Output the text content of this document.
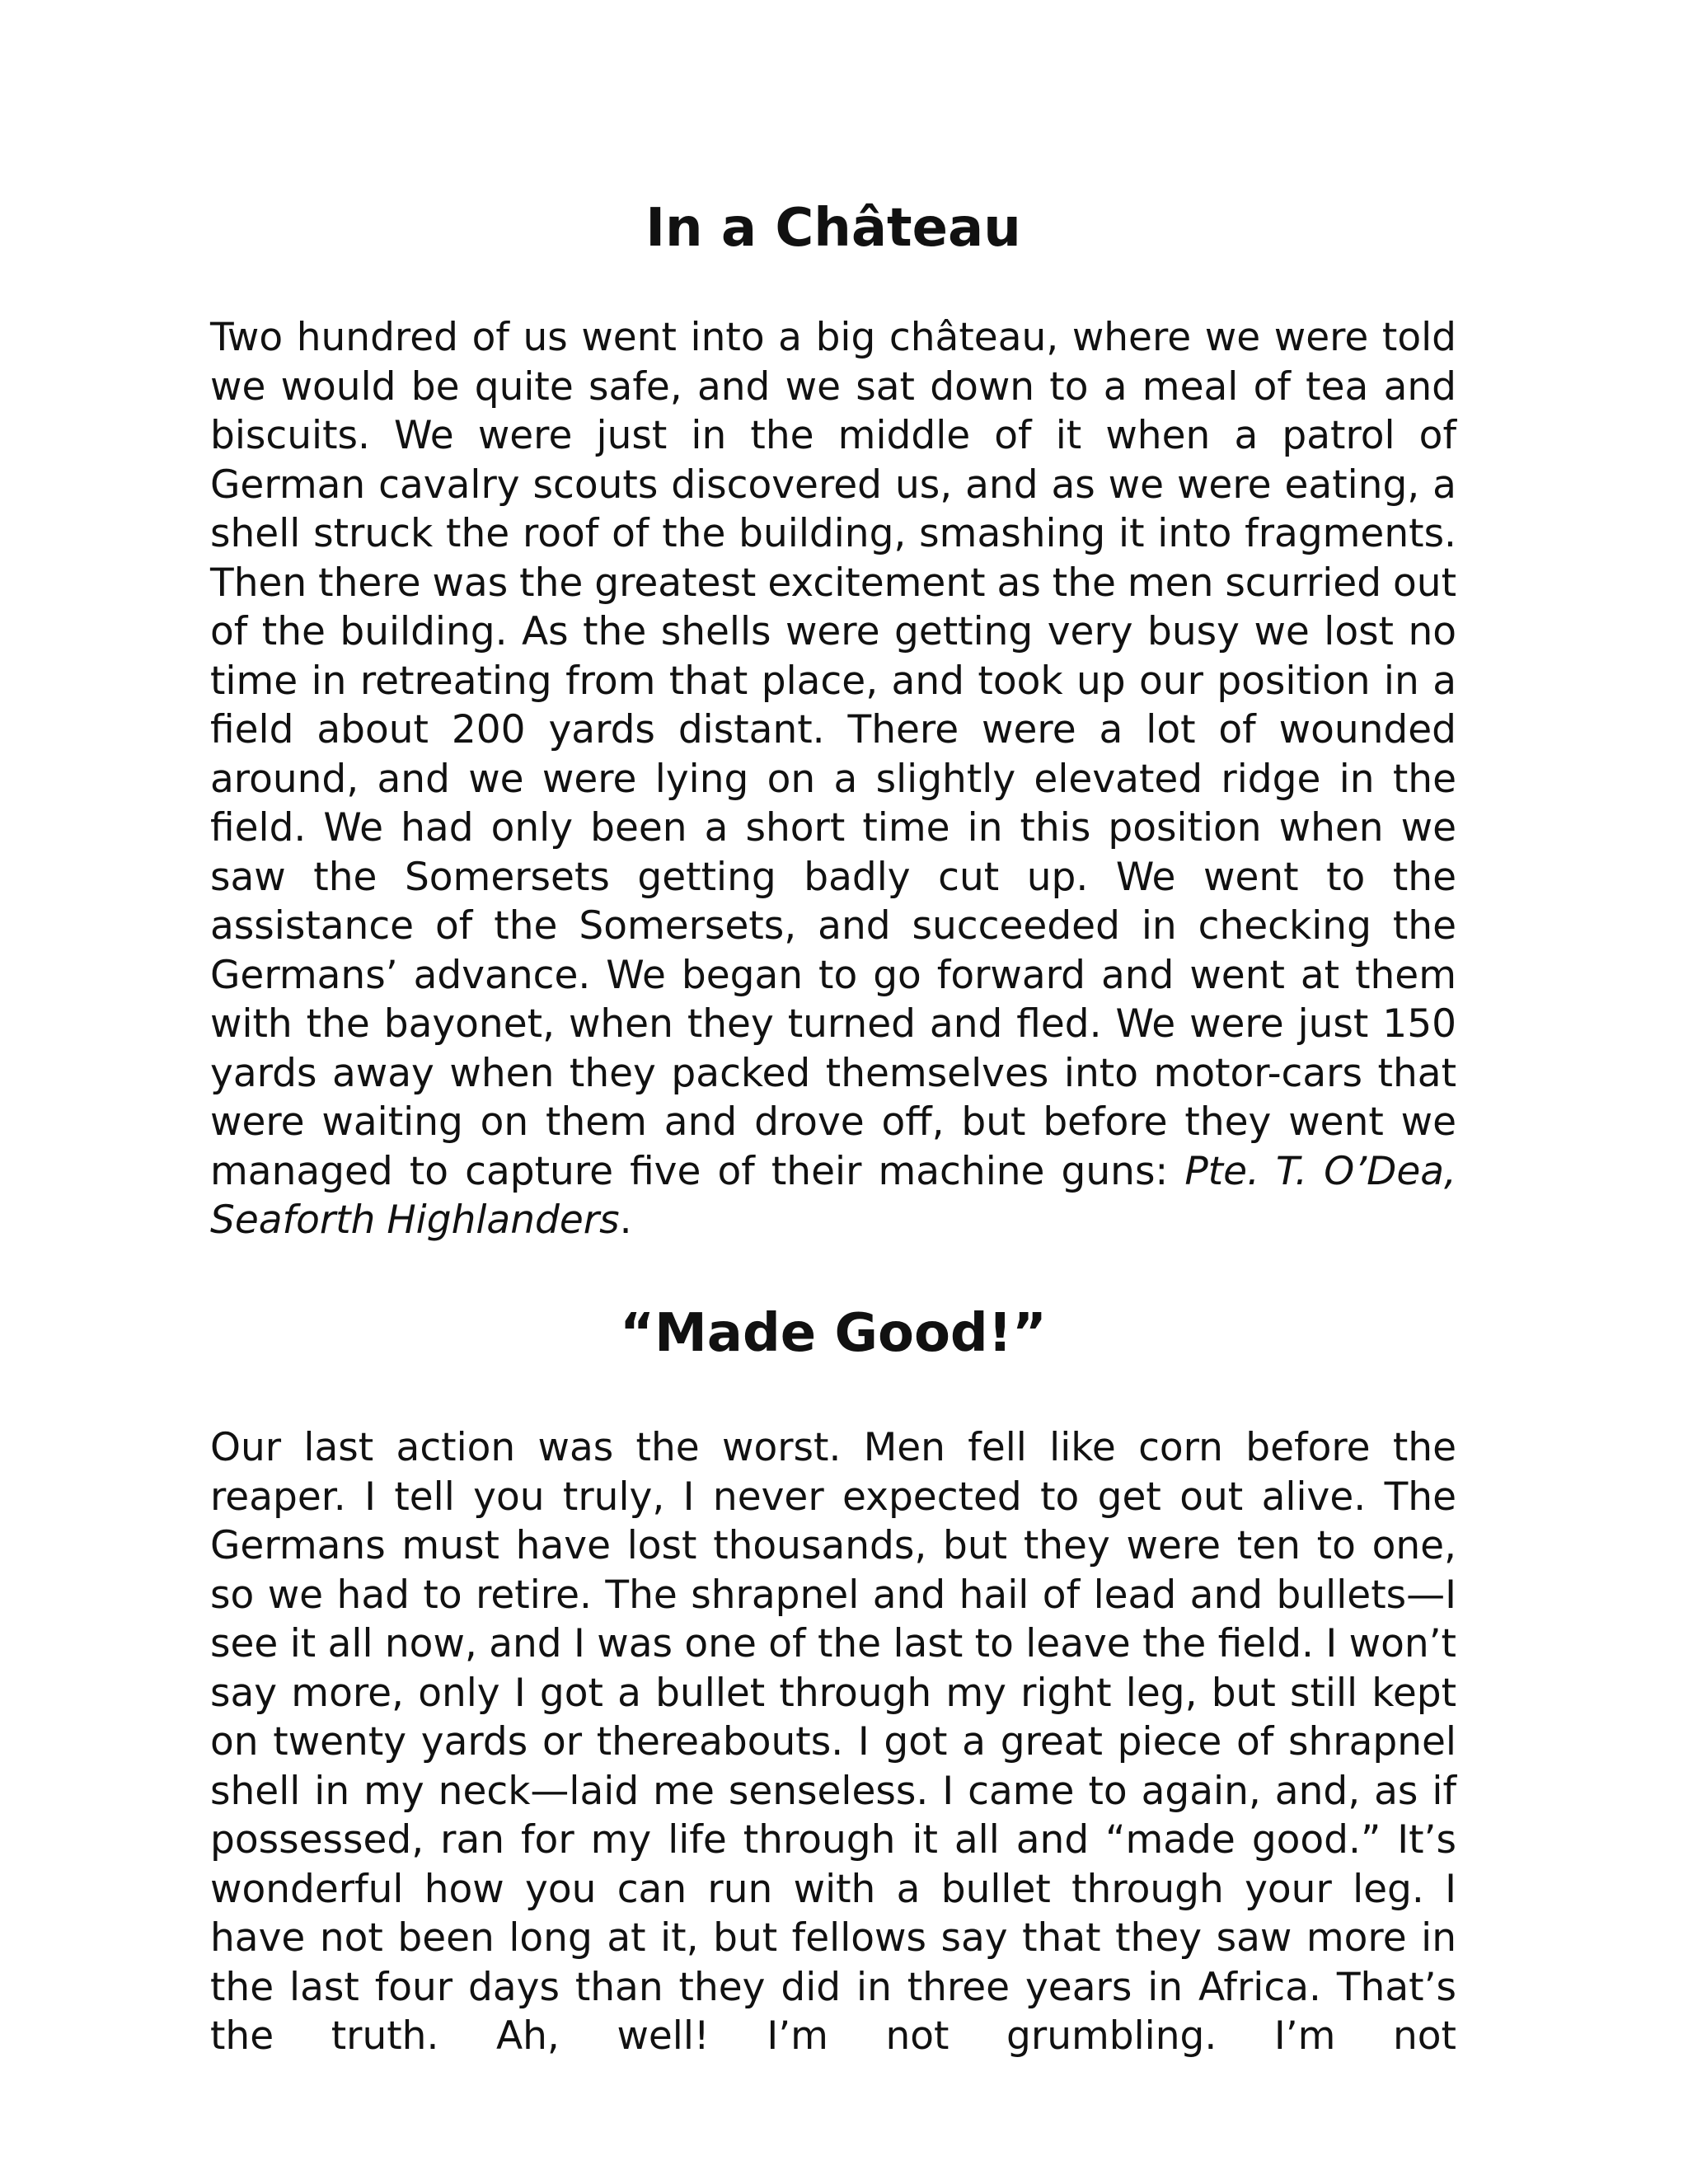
In a Château

Two hundred of us went into a big château, where we were told we would be quite safe, and we sat down to a meal of tea and biscuits. We were just in the middle of it when a patrol of German cavalry scouts discovered us, and as we were eating, a shell struck the roof of the building, smashing it into fragments. Then there was the greatest excitement as the men scurried out of the building. As the shells were getting very busy we lost no time in retreating from that place, and took up our position in a field about 200 yards distant. There were a lot of wounded around, and we were lying on a slightly elevated ridge in the field. We had only been a short time in this position when we saw the Somersets getting badly cut up. We went to the assistance of the Somersets, and succeeded in checking the Germans’ advance. We began to go forward and went at them with the bayonet, when they turned and fled. We were just 150 yards away when they packed themselves into motor-cars that were waiting on them and drove off, but before they went we managed to capture five of their machine guns: Pte. T. O’Dea, Seaforth Highlanders.

“Made Good!”

Our last action was the worst. Men fell like corn before the reaper. I tell you truly, I never expected to get out alive. The Germans must have lost thousands, but they were ten to one, so we had to retire. The shrapnel and hail of lead and bullets—I see it all now, and I was one of the last to leave the field. I won’t say more, only I got a bullet through my right leg, but still kept on twenty yards or thereabouts. I got a great piece of shrapnel shell in my neck—laid me senseless. I came to again, and, as if possessed, ran for my life through it all and “made good.” It’s wonderful how you can run with a bullet through your leg. I have not been long at it, but fellows say that they saw more in the last four days than they did in three years in Africa. That’s the truth. Ah, well! I’m not grumbling. I’m not
